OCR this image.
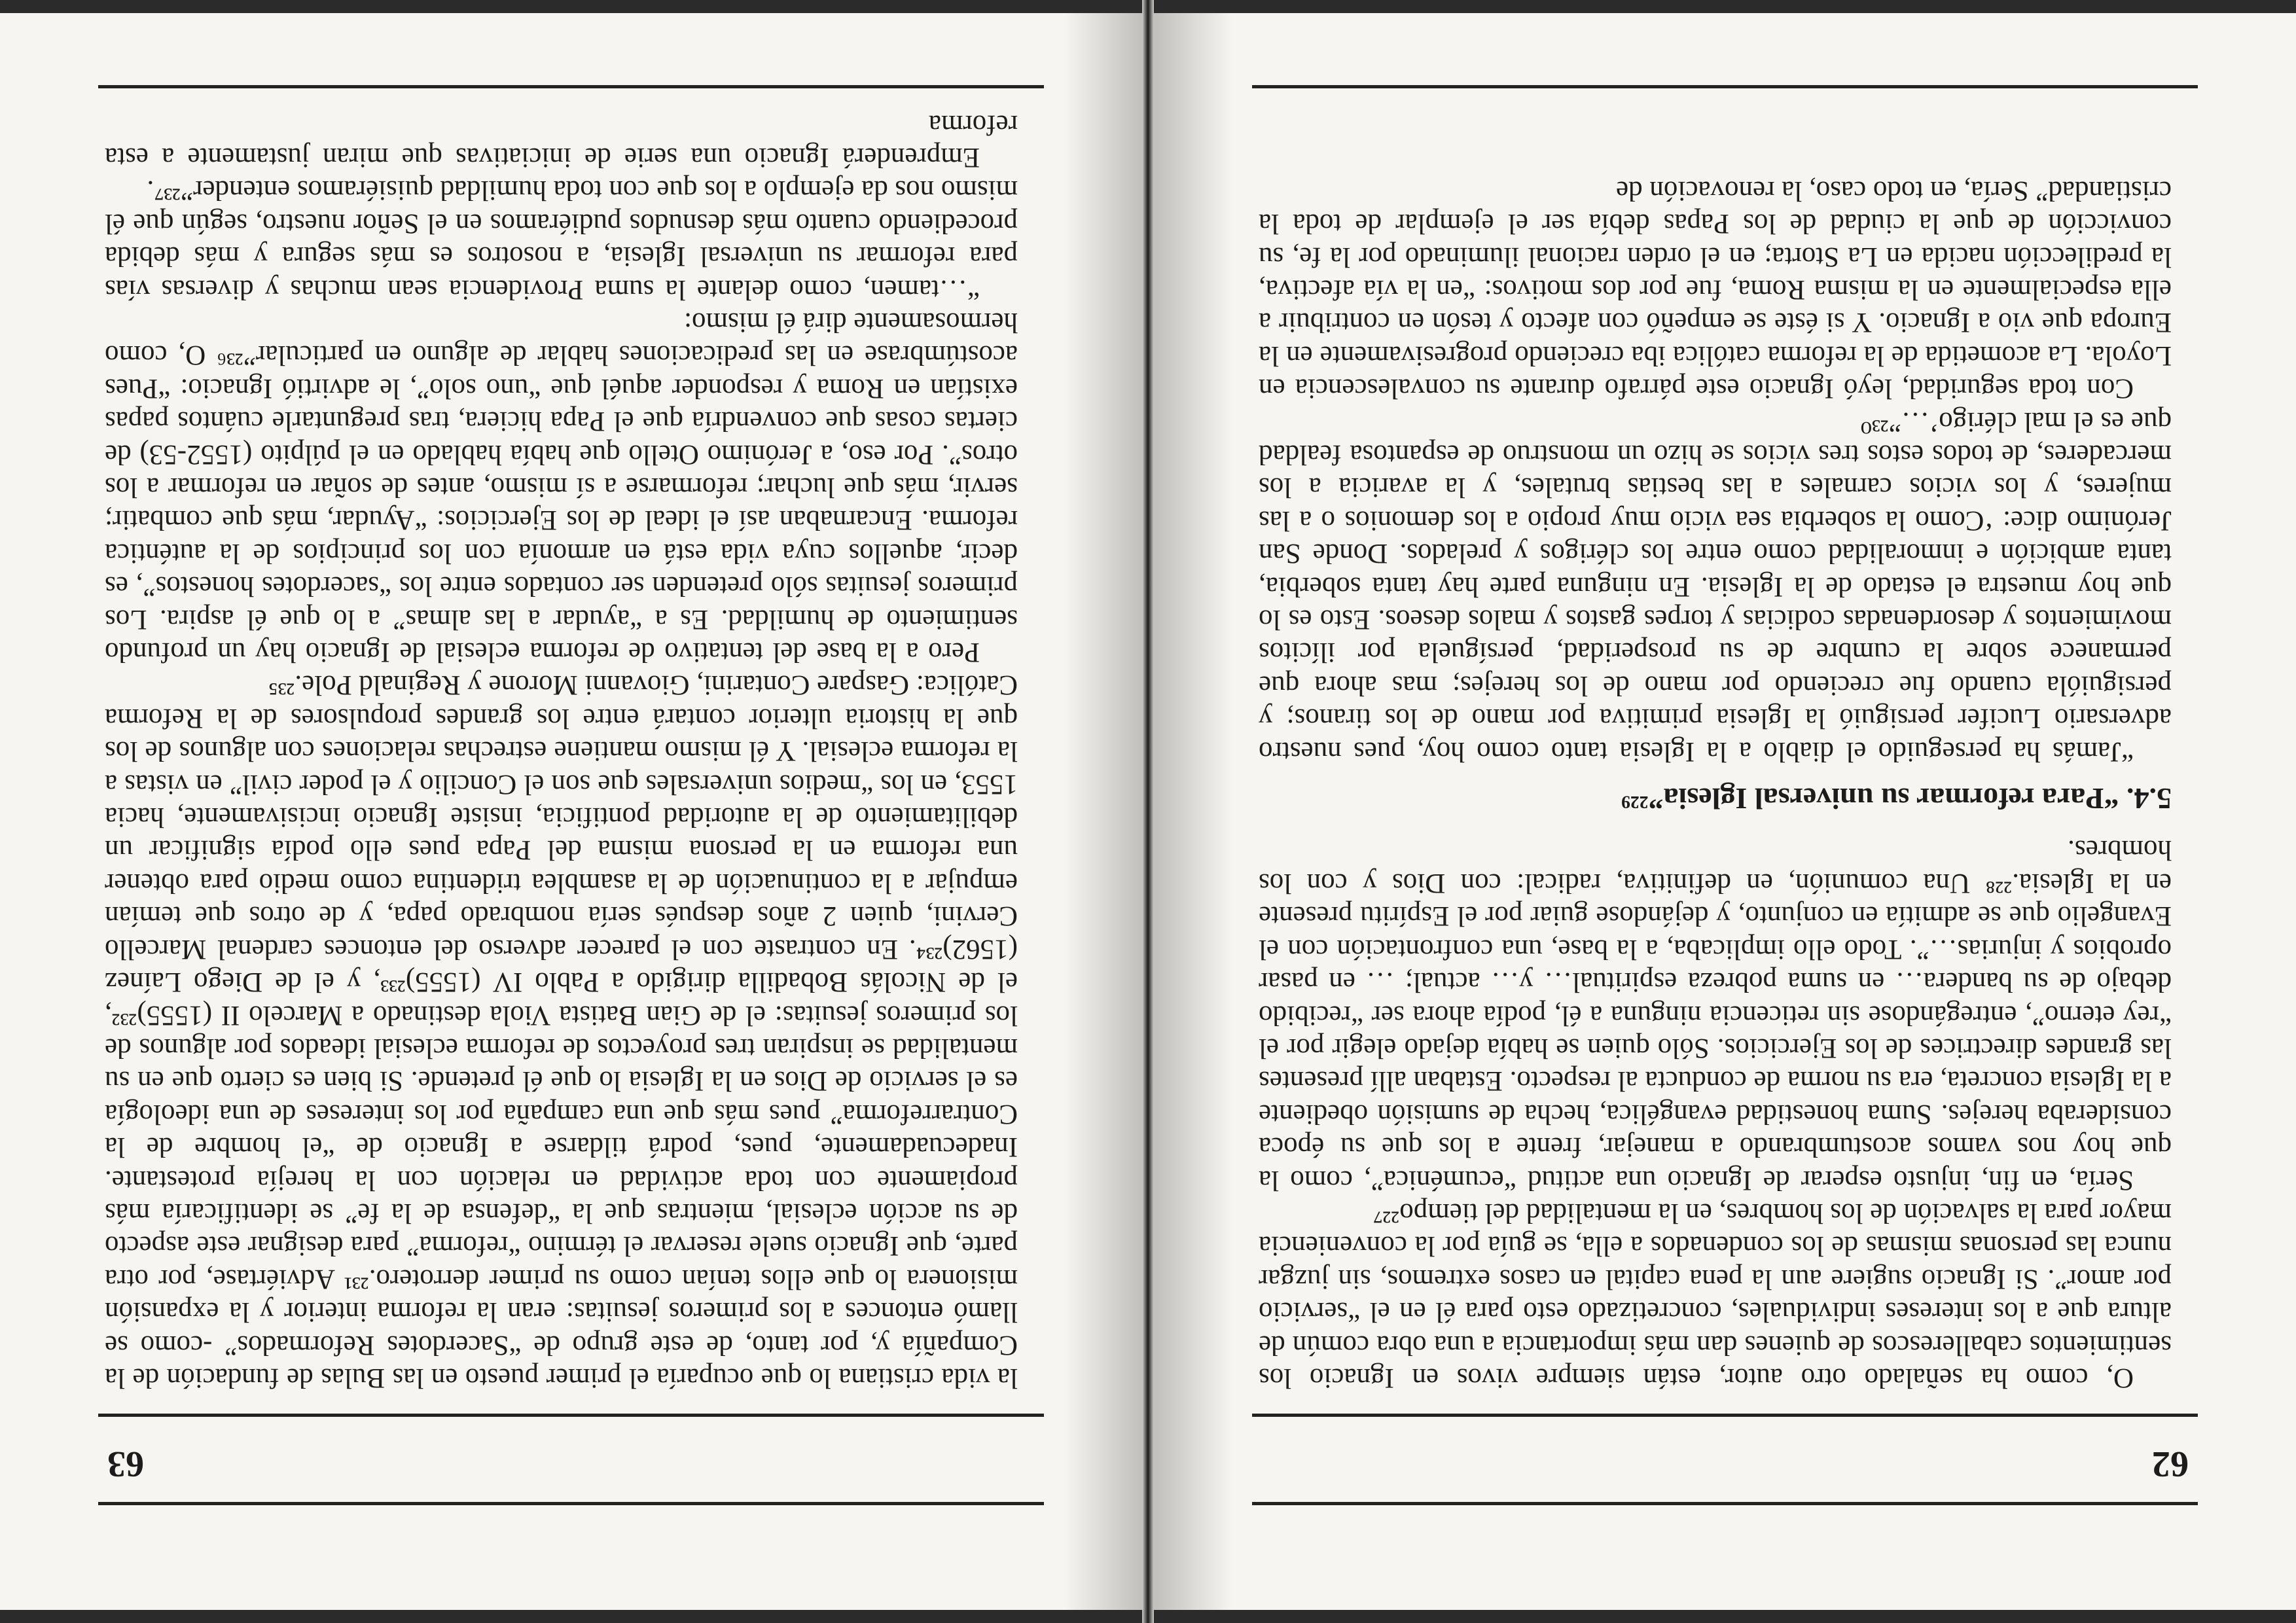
62

O, como ha señalado otro autor, están siempre vivos en Ignacio los sentimientos caballerescos de quienes dan más importancia a una obra común de altura que a los intereses individuales, concretizado esto para él en el “servicio por amor”. Si Ignacio sugiere aun la pena capital en casos extremos, sin juzgar nunca las personas mismas de los condenados a ella, se guía por la conveniencia mayor para la salvación de los hombres, en la mentalidad del tiempo²²⁷

Sería, en fin, injusto esperar de Ignacio una actitud “ecuménica”, como la que hoy nos vamos acostumbrando a manejar, frente a los que su época consideraba herejes. Suma honestidad evangélica, hecha de sumisión obediente a la Iglesia concreta, era su norma de conducta al respecto. Estaban allí presentes las grandes directrices de los Ejercicios. Sólo quien se había dejado elegir por el “rey eterno”, entregándose sin reticencia ninguna a él, podía ahora ser “recibido debajo de su bandera… en suma pobreza espiritual… y… actual; … en pasar oprobios y injurias…”. Todo ello implicaba, a la base, una confrontación con el Evangelio que se admitía en conjunto, y dejándose guiar por el Espíritu presente en la Iglesia.²²⁸ Una comunión, en definitiva, radical: con Dios y con los hombres.

5.4. “Para reformar su universal Iglesia”²²⁹

“Jamás ha perseguido el diablo a la Iglesia tanto como hoy, pues nuestro adversario Lucifer persiguió la Iglesia primitiva por mano de los tiranos; y persiguióla cuando fue creciendo por mano de los herejes; mas ahora que permanece sobre la cumbre de su prosperidad, persíguela por ilícitos movimientos y desordenadas codicias y torpes gastos y malos deseos. Esto es lo que hoy muestra el estado de la Iglesia. En ninguna parte hay tanta soberbia, tanta ambición e inmoralidad como entre los clérigos y prelados. Donde San Jerónimo dice: ‘Como la soberbia sea vicio muy propio a los demonios o a las mujeres, y los vicios carnales a las bestias brutales, y la avaricia a los mercaderes, de todos estos tres vicios se hizo un monstruo de espantosa fealdad que es el mal clérigo’…”²³⁰

Con toda seguridad, leyó Ignacio este párrafo durante su convalescencia en Loyola. La acometida de la reforma católica iba creciendo progresivamente en la Europa que vio a Ignacio. Y si éste se empeñó con afecto y tesón en contribuir a ella especialmente en la misma Roma, fue por dos motivos: “en la vía afectiva, la predilección nacida en La Storta; en el orden racional iluminado por la fe, su convicción de que la ciudad de los Papas debía ser el ejemplar de toda la cristiandad” Sería, en todo caso, la renovación de

63

la vida cristiana lo que ocuparía el primer puesto en las Bulas de fundación de la Compañía y, por tanto, de este grupo de “Sacerdotes Reformados” -como se llamó entonces a los primeros jesuitas: eran la reforma interior y la expansión misionera lo que ellos tenían como su primer derrotero.²³¹ Adviértase, por otra parte, que Ignacio suele reservar el término “reforma” para designar este aspecto de su acción eclesial, mientras que la “defensa de la fe” se identificaría más propiamente con toda actividad en relación con la herejía protestante. Inadecuadamente, pues, podrá tildarse a Ignacio de “el hombre de la Contrarreforma” pues más que una campaña por los intereses de una ideología es el servicio de Dios en la Iglesia lo que él pretende. Si bien es cierto que en su mentalidad se inspiran tres proyectos de reforma eclesial ideados por algunos de los primeros jesuitas: el de Gian Batista Viola destinado a Marcelo II (1555)²³², el de Nicolás Bobadilla dirigido a Pablo IV (1555)²³³, y el de Diego Laínez (1562)²³⁴. En contraste con el parecer adverso del entonces cardenal Marcello Cervini, quien 2 años después sería nombrado papa, y de otros que temían empujar a la continuación de la asamblea tridentina como medio para obtener una reforma en la persona misma del Papa pues ello podía significar un debilitamiento de la autoridad pontificia, insiste Ignacio incisivamente, hacia 1553, en los “medios universales que son el Concilio y el poder civil” en vistas a la reforma eclesial. Y él mismo mantiene estrechas relaciones con algunos de los que la historia ulterior contará entre los grandes propulsores de la Reforma Católica: Gaspare Contarini, Giovanni Morone y Reginald Pole.²³⁵

Pero a la base del tentativo de reforma eclesial de Ignacio hay un profundo sentimiento de humildad. Es a “ayudar a las almas” a lo que él aspira. Los primeros jesuitas sólo pretenden ser contados entre los “sacerdotes honestos”, es decir, aquellos cuya vida está en armonía con los principios de la auténtica reforma. Encarnaban así el ideal de los Ejercicios: “Ayudar, más que combatir; servir, más que luchar; reformarse a sí mismo, antes de soñar en reformar a los otros”. Por eso, a Jerónimo Otello que había hablado en el púlpito (1552-53) de ciertas cosas que convendría que el Papa hiciera, tras preguntarle cuántos papas existían en Roma y responder aquél que “uno solo”, le advirtió Ignacio: “Pues acostúmbrase en las predicaciones hablar de alguno en particular”²³⁶ O, como hermosamente dirá él mismo:

“…tamen, como delante la suma Providencia sean muchas y diversas vías para reformar su universal Iglesia, a nosotros es más segura y más debida procediendo cuanto más desnudos pudiéramos en el Señor nuestro, según que él mismo nos da ejemplo a los que con toda humildad quisiéramos entender”²³⁷.

Emprenderá Ignacio una serie de iniciativas que miran justamente a esta reforma
